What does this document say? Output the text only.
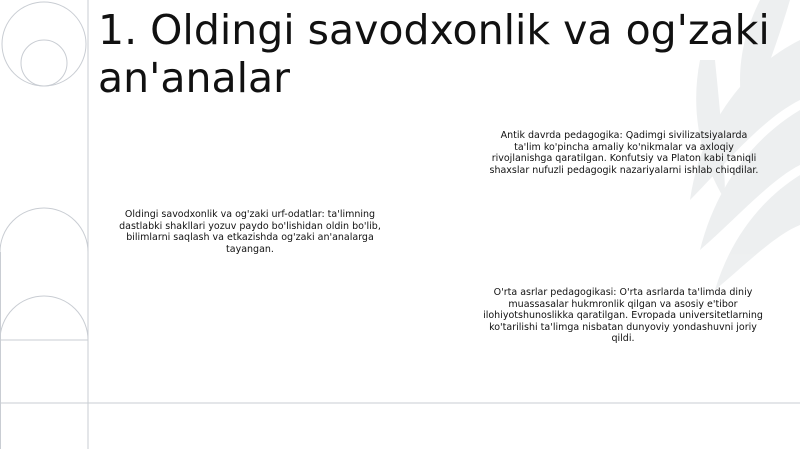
1. Oldingi savodxonlik va og'zaki an'analar

Oldingi savodxonlik va og'zaki urf-odatlar: ta'limning dastlabki shakllari yozuv paydo bo'lishidan oldin bo'lib, bilimlarni saqlash va etkazishda og'zaki an'analarga tayangan.

Antik davrda pedagogika: Qadimgi sivilizatsiyalarda ta'lim ko'pincha amaliy ko'nikmalar va axloqiy rivojlanishga qaratilgan. Konfutsiy va Platon kabi taniqli shaxslar nufuzli pedagogik nazariyalarni ishlab chiqdilar.

O'rta asrlar pedagogikasi: O'rta asrlarda ta'limda diniy muassasalar hukmronlik qilgan va asosiy e'tibor ilohiyotshunoslikka qaratilgan. Evropada universitetlarning ko'tarilishi ta'limga nisbatan dunyoviy yondashuvni joriy qildi.
